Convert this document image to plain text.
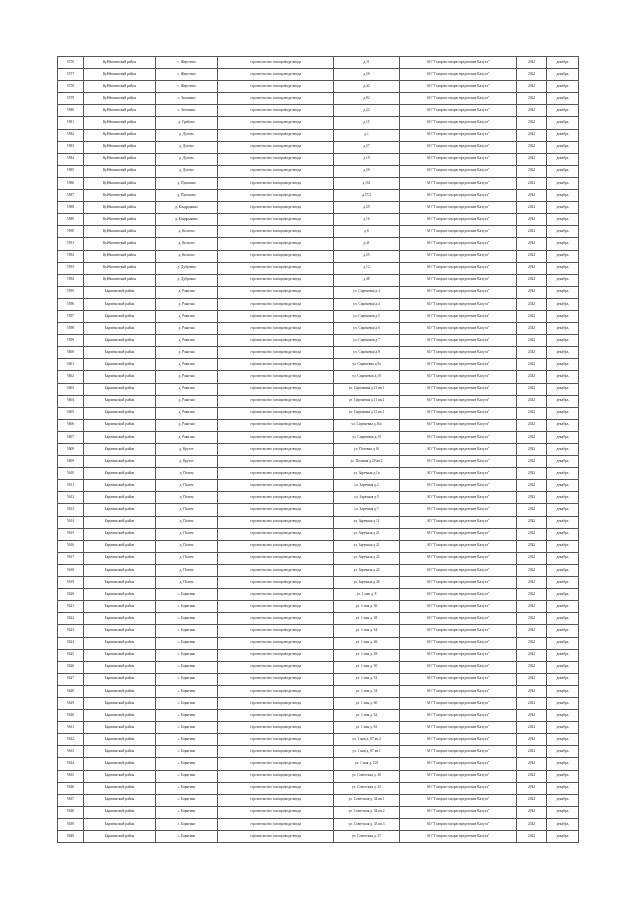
5576	Куйбышевский район	с. Жерелево	строительство газопровода-ввода	д.11	АО "Газпром газораспределение Калуга"	2022	декабрь
5577	Куйбышевский район	с. Жерелево	строительство газопровода-ввода	д.20	АО "Газпром газораспределение Калуга"	2022	декабрь
5578	Куйбышевский район	с. Жерелево	строительство газопровода-ввода	д.42	АО "Газпром газораспределение Калуга"	2022	декабрь
5579	Куйбышевский район	с. Зеленино	строительство газопровода-ввода	д.82	АО "Газпром газораспределение Калуга"	2022	декабрь
5580	Куйбышевский район	с. Зеленино	строительство газопровода-ввода	д.22	АО "Газпром газораспределение Калуга"	2022	декабрь
5581	Куйбышевский район	д. Грибово	строительство газопровода-ввода	д.15	АО "Газпром газораспределение Калуга"	2022	декабрь
5582	Куйбышевский район	д. Дутово	строительство газопровода-ввода	д.1	АО "Газпром газораспределение Калуга"	2022	декабрь
5583	Куйбышевский район	д. Дутово	строительство газопровода-ввода	д.27	АО "Газпром газораспределение Калуга"	2022	декабрь
5584	Куйбышевский район	д. Дутово	строительство газопровода-ввода	д.19	АО "Газпром газораспределение Калуга"	2022	декабрь
5585	Куйбышевский район	д. Дутово	строительство газопровода-ввода	д.20	АО "Газпром газораспределение Калуга"	2022	декабрь
5586	Куйбышевский район	д. Пушкино	строительство газопровода-ввода	д.161	АО "Газпром газораспределение Калуга"	2022	декабрь
5587	Куйбышевский район	д. Пушкино	строительство газопровода-ввода	д.57/2	АО "Газпром газораспределение Калуга"	2022	декабрь
5588	Куйбышевский район	д. Кондрыкино	строительство газопровода-ввода	д.29	АО "Газпром газораспределение Калуга"	2022	декабрь
5589	Куйбышевский район	д. Кондрыкино	строительство газопровода-ввода	д.16	АО "Газпром газораспределение Калуга"	2022	декабрь
5590	Куйбышевский район	д. Козлово	строительство газопровода-ввода	д.6	АО "Газпром газораспределение Калуга"	2022	декабрь
5591	Куйбышевский район	д. Козлово	строительство газопровода-ввода	д.41	АО "Газпром газораспределение Калуга"	2022	декабрь
5592	Куйбышевский район	д. Козлово	строительство газопровода-ввода	д.25	АО "Газпром газораспределение Калуга"	2022	декабрь
5593	Куйбышевский район	д. Дубровка	строительство газопровода-ввода	д.12	АО "Газпром газораспределение Калуга"	2022	декабрь
5594	Куйбышевский район	д. Дубровка	строительство газопровода-ввода	д.48	АО "Газпром газораспределение Калуга"	2022	декабрь
5595	Барятинский район	д. Ракитня	строительство газопровода-ввода	ул. Сиреневая д.3	АО "Газпром газораспределение Калуга"	2022	декабрь
5596	Барятинский район	д. Ракитня	строительство газопровода-ввода	ул. Сиреневая д.4	АО "Газпром газораспределение Калуга"	2022	декабрь
5597	Барятинский район	д. Ракитня	строительство газопровода-ввода	ул. Сиреневая д.5	АО "Газпром газораспределение Калуга"	2022	декабрь
5598	Барятинский район	д. Ракитня	строительство газопровода-ввода	ул. Сиреневая д.6	АО "Газпром газораспределение Калуга"	2022	декабрь
5599	Барятинский район	д. Ракитня	строительство газопровода-ввода	ул. Сиреневая д.7	АО "Газпром газораспределение Калуга"	2022	декабрь
5600	Барятинский район	д. Ракитня	строительство газопровода-ввода	ул. Сиреневая д.8	АО "Газпром газораспределение Калуга"	2022	декабрь
5601	Барятинский район	д. Ракитня	строительство газопровода-ввода	ул. Сиреневая д.9а	АО "Газпром газораспределение Калуга"	2022	декабрь
5602	Барятинский район	д. Ракитня	строительство газопровода-ввода	ул. Сиреневая д.10	АО "Газпром газораспределение Калуга"	2022	декабрь
5603	Барятинский район	д. Ракитня	строительство газопровода-ввода	ул. Сиреневая д.11 кв.1	АО "Газпром газораспределение Калуга"	2022	декабрь
5604	Барятинский район	д. Ракитня	строительство газопровода-ввода	ул. Сиреневая д.11 кв.2	АО "Газпром газораспределение Калуга"	2022	декабрь
5605	Барятинский район	д. Ракитня	строительство газопровода-ввода	ул. Сиреневая д.15 кв.1	АО "Газпром газораспределение Калуга"	2022	декабрь
5606	Барятинский район	д. Ракитня	строительство газопровода-ввода	ул. Сиреневая д.16а	АО "Газпром газораспределение Калуга"	2022	декабрь
5607	Барятинский район	д. Ракитня	строительство газопровода-ввода	ул. Сиреневая д.19	АО "Газпром газораспределение Калуга"	2022	декабрь
5608	Барятинский район	д. Крутое	строительство газопровода-ввода	ул. Полевая д.16	АО "Газпром газораспределение Калуга"	2022	декабрь
5609	Барятинский район	д. Крутое	строительство газопровода-ввода	ул. Полевая д.29 кв.2	АО "Газпром газораспределение Калуга"	2022	декабрь
5610	Барятинский район	д. Полом	строительство газопровода-ввода	ул. Заречная д.1а	АО "Газпром газораспределение Калуга"	2022	декабрь
5611	Барятинский район	д. Полом	строительство газопровода-ввода	ул. Заречная д.2	АО "Газпром газораспределение Калуга"	2022	декабрь
5612	Барятинский район	д. Полом	строительство газопровода-ввода	ул. Заречная д.5	АО "Газпром газораспределение Калуга"	2022	декабрь
5613	Барятинский район	д. Полом	строительство газопровода-ввода	ул. Заречная д.7	АО "Газпром газораспределение Калуга"	2022	декабрь
5614	Барятинский район	д. Полом	строительство газопровода-ввода	ул. Заречная д.11	АО "Газпром газораспределение Калуга"	2022	декабрь
5615	Барятинский район	д. Полом	строительство газопровода-ввода	ул. Заречная д.21	АО "Газпром газораспределение Калуга"	2022	декабрь
5616	Барятинский район	д. Полом	строительство газопровода-ввода	ул. Заречная д.21	АО "Газпром газораспределение Калуга"	2022	декабрь
5617	Барятинский район	д. Полом	строительство газопровода-ввода	ул. Заречная д.22	АО "Газпром газораспределение Калуга"	2022	декабрь
5618	Барятинский район	д. Полом	строительство газопровода-ввода	ул. Заречная д.24	АО "Газпром газораспределение Калуга"	2022	декабрь
5619	Барятинский район	д. Полом	строительство газопровода-ввода	ул. Заречная д.26	АО "Газпром газораспределение Калуга"	2022	декабрь
5620	Барятинский район	с. Барятино	строительство газопровода-ввода	ул. 1 мая д. 8	АО "Газпром газораспределение Калуга"	2022	декабрь
5621	Барятинский район	с. Барятино	строительство газопровода-ввода	ул. 1 мая д. 36	АО "Газпром газораспределение Калуга"	2022	декабрь
5622	Барятинский район	с. Барятино	строительство газопровода-ввода	ул. 1 мая д. 38	АО "Газпром газораспределение Калуга"	2022	декабрь
5623	Барятинский район	с. Барятино	строительство газопровода-ввода	ул. 1 мая д. 44	АО "Газпром газораспределение Калуга"	2022	декабрь
5624	Барятинский район	с. Барятино	строительство газопровода-ввода	ул. 1 мая д. 46	АО "Газпром газораспределение Калуга"	2022	декабрь
5625	Барятинский район	с. Барятино	строительство газопровода-ввода	ул. 1 мая д. 48	АО "Газпром газораспределение Калуга"	2022	декабрь
5626	Барятинский район	с. Барятино	строительство газопровода-ввода	ул. 1 мая д. 50	АО "Газпром газораспределение Калуга"	2022	декабрь
5627	Барятинский район	с. Барятино	строительство газопровода-ввода	ул. 1 мая д. 52	АО "Газпром газораспределение Калуга"	2022	декабрь
5628	Барятинский район	с. Барятино	строительство газопровода-ввода	ул. 1 мая д. 54	АО "Газпром газораспределение Калуга"	2022	декабрь
5629	Барятинский район	с. Барятино	строительство газопровода-ввода	ул. 1 мая д. 60	АО "Газпром газораспределение Калуга"	2022	декабрь
5630	Барятинский район	с. Барятино	строительство газопровода-ввода	ул. 1 мая д. 62	АО "Газпром газораспределение Калуга"	2022	декабрь
5631	Барятинский район	с. Барятино	строительство газопровода-ввода	ул. 1 мая д. 63	АО "Газпром газораспределение Калуга"	2022	декабрь
5632	Барятинский район	с. Барятино	строительство газопровода-ввода	ул. 1 мая д. 87 кв.2	АО "Газпром газораспределение Калуга"	2022	декабрь
5633	Барятинский район	с. Барятино	строительство газопровода-ввода	ул. 1 мая д. 87 кв.1	АО "Газпром газораспределение Калуга"	2022	декабрь
5634	Барятинский район	с. Барятино	строительство газопровода-ввода	ул. 1 мая д. 103	АО "Газпром газораспределение Калуга"	2022	декабрь
5635	Барятинский район	с. Барятино	строительство газопровода-ввода	ул. Советская д. 30	АО "Газпром газораспределение Калуга"	2022	декабрь
5636	Барятинский район	с. Барятино	строительство газопровода-ввода	ул. Советская д. 32	АО "Газпром газораспределение Калуга"	2022	декабрь
5637	Барятинский район	с. Барятино	строительство газопровода-ввода	ул. Советская д. 34 кв.1	АО "Газпром газораспределение Калуга"	2022	декабрь
5638	Барятинский район	с. Барятино	строительство газопровода-ввода	ул. Советская д. 34 кв.2	АО "Газпром газораспределение Калуга"	2022	декабрь
5639	Барятинский район	с. Барятино	строительство газопровода-ввода	ул. Советская д. 35 кв.3	АО "Газпром газораспределение Калуга"	2022	декабрь
5640	Барятинский район	с. Барятино	строительство газопровода-ввода	ул. Советская д. 37	АО "Газпром газораспределение Калуга"	2022	декабрь
